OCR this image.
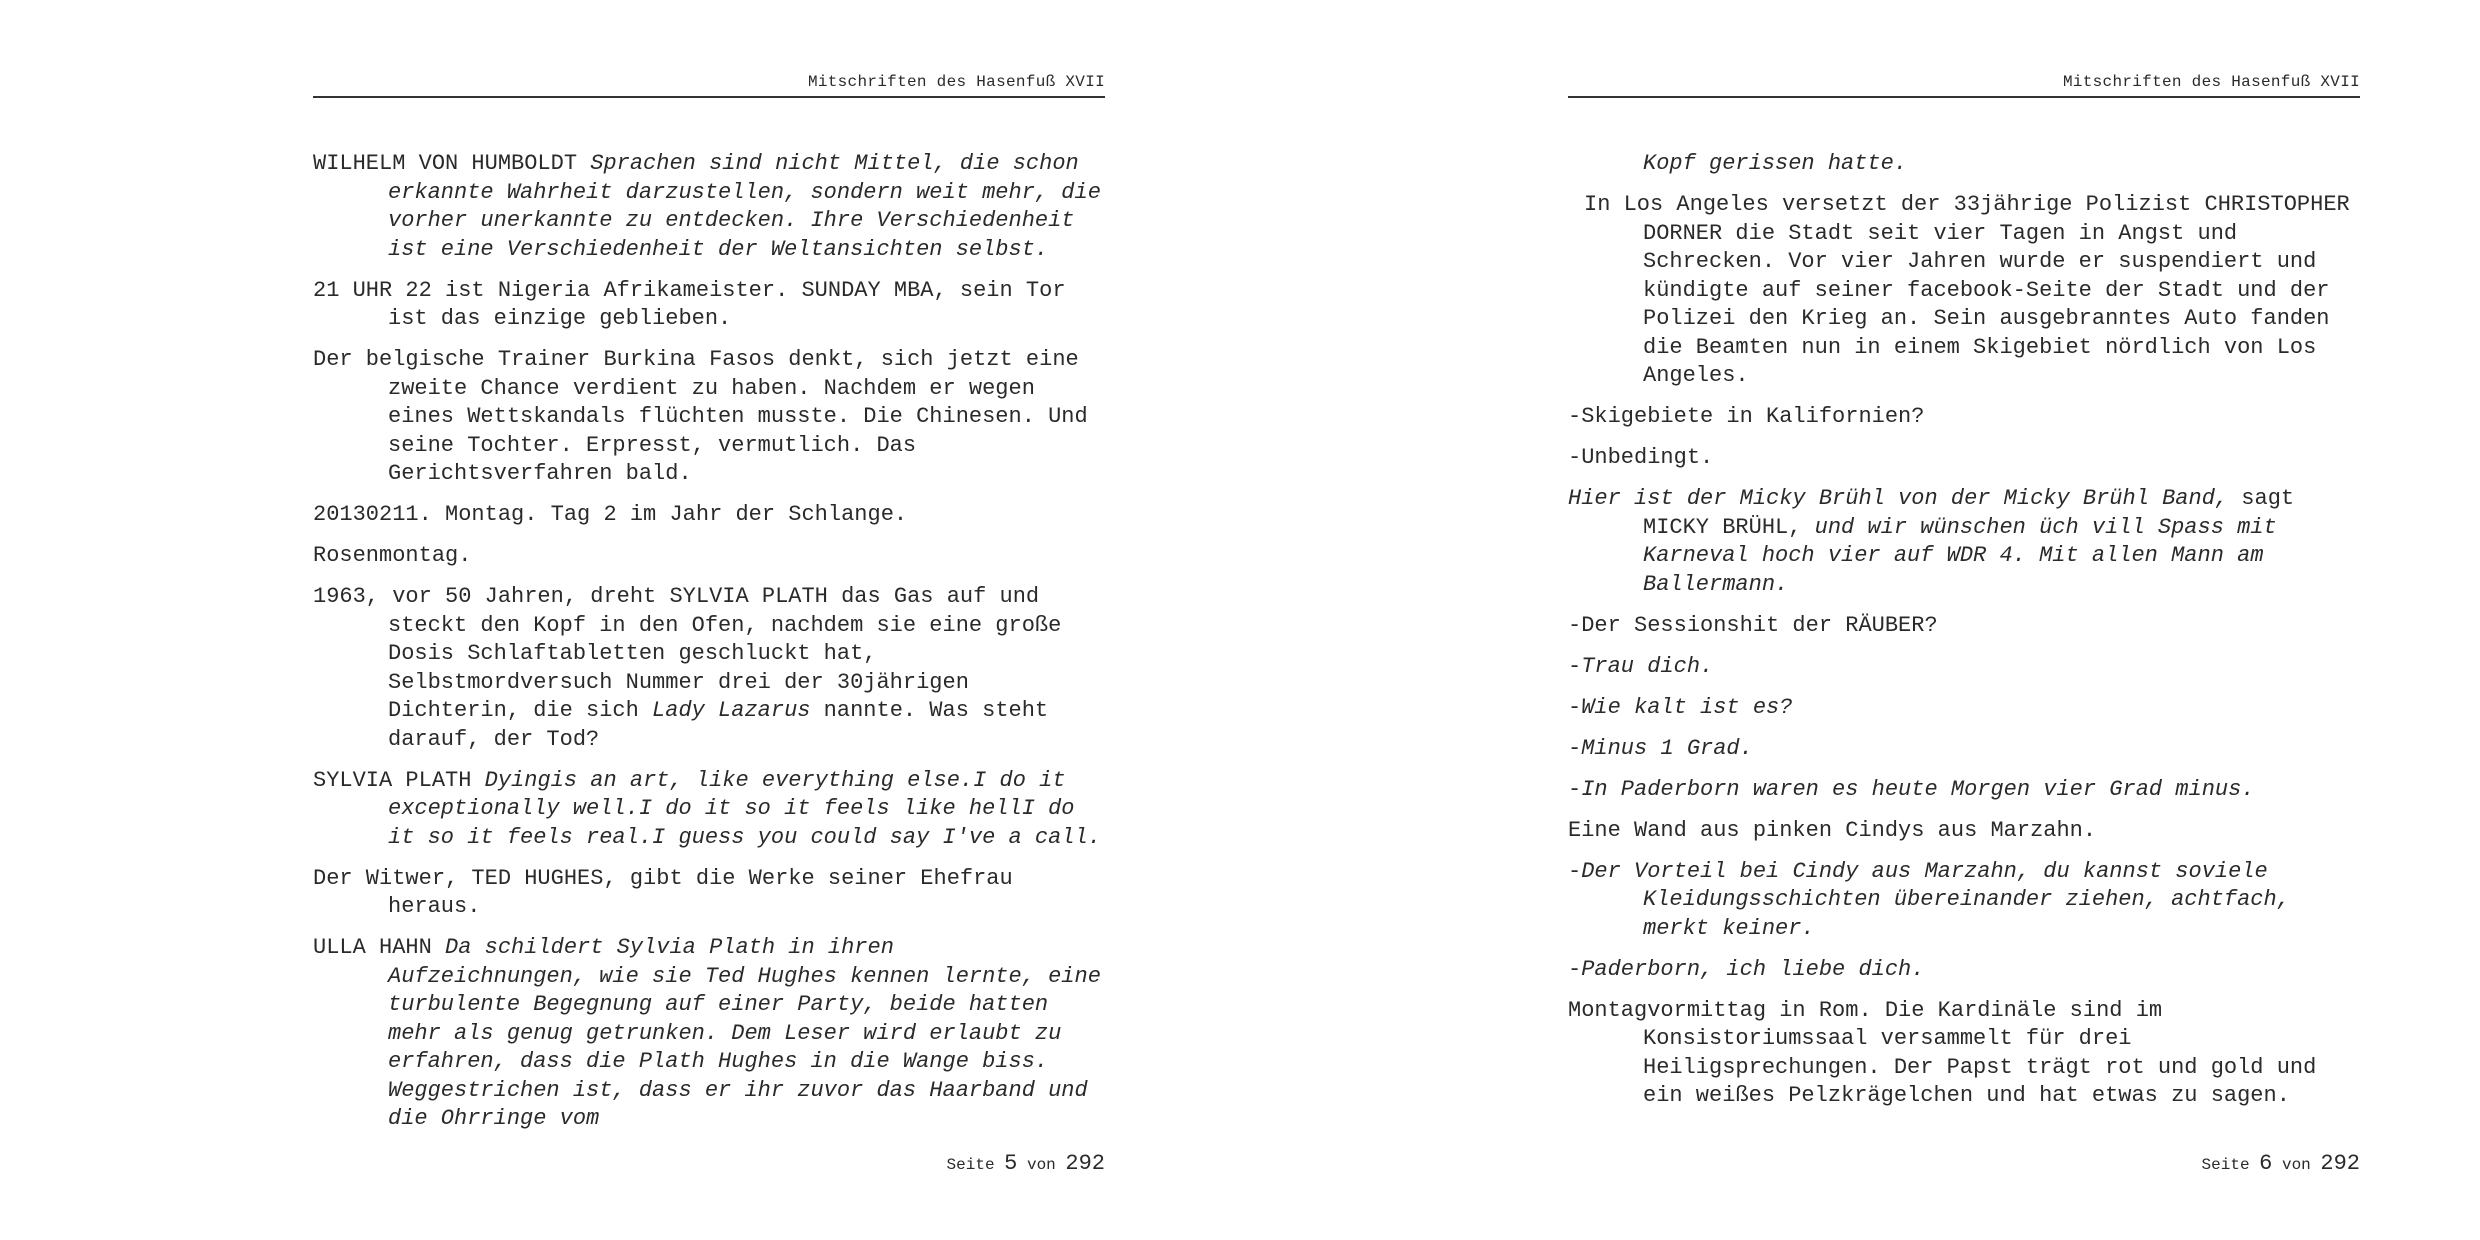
Mitschriften des Hasenfuß XVII
WILHELM VON HUMBOLDT Sprachen sind nicht Mittel, die schon erkannte Wahrheit darzustellen, sondern weit mehr, die vorher unerkannte zu entdecken. Ihre Verschiedenheit ist eine Verschiedenheit der Weltansichten selbst.
21 UHR 22 ist Nigeria Afrikameister. SUNDAY MBA, sein Tor ist das einzige geblieben.
Der belgische Trainer Burkina Fasos denkt, sich jetzt eine zweite Chance verdient zu haben. Nachdem er wegen eines Wettskandals flüchten musste. Die Chinesen. Und seine Tochter. Erpresst, vermutlich. Das Gerichtsverfahren bald.
20130211. Montag. Tag 2 im Jahr der Schlange.
Rosenmontag.
1963, vor 50 Jahren, dreht SYLVIA PLATH das Gas auf und steckt den Kopf in den Ofen, nachdem sie eine große Dosis Schlaftabletten geschluckt hat, Selbstmordversuch Nummer drei der 30jährigen Dichterin, die sich Lady Lazarus nannte. Was steht darauf, der Tod?
SYLVIA PLATH Dyingis an art, like everything else.I do it exceptionally well.I do it so it feels like hellI do it so it feels real.I guess you could say I've a call.
Der Witwer, TED HUGHES, gibt die Werke seiner Ehefrau heraus.
ULLA HAHN Da schildert Sylvia Plath in ihren Aufzeichnungen, wie sie Ted Hughes kennen lernte, eine turbulente Begegnung auf einer Party, beide hatten mehr als genug getrunken. Dem Leser wird erlaubt zu erfahren, dass die Plath Hughes in die Wange biss. Weggestrichen ist, dass er ihr zuvor das Haarband und die Ohrringe vom
Seite 5 von 292
Mitschriften des Hasenfuß XVII
Kopf gerissen hatte.
In Los Angeles versetzt der 33jährige Polizist CHRISTOPHER DORNER die Stadt seit vier Tagen in Angst und Schrecken. Vor vier Jahren wurde er suspendiert und kündigte auf seiner facebook-Seite der Stadt und der Polizei den Krieg an. Sein ausgebranntes Auto fanden die Beamten nun in einem Skigebiet nördlich von Los Angeles.
-Skigebiete in Kalifornien?
-Unbedingt.
Hier ist der Micky Brühl von der Micky Brühl Band, sagt MICKY BRÜHL, und wir wünschen üch vill Spass mit Karneval hoch vier auf WDR 4. Mit allen Mann am Ballermann.
-Der Sessionshit der RÄUBER?
-Trau dich.
-Wie kalt ist es?
-Minus 1 Grad.
-In Paderborn waren es heute Morgen vier Grad minus.
Eine Wand aus pinken Cindys aus Marzahn.
-Der Vorteil bei Cindy aus Marzahn, du kannst soviele Kleidungsschichten übereinander ziehen, achtfach, merkt keiner.
-Paderborn, ich liebe dich.
Montagvormittag in Rom. Die Kardinäle sind im Konsistoriumssaal versammelt für drei Heiligsprechungen. Der Papst trägt rot und gold und ein weißes Pelzkrägelchen und hat etwas zu sagen.
Seite 6 von 292
